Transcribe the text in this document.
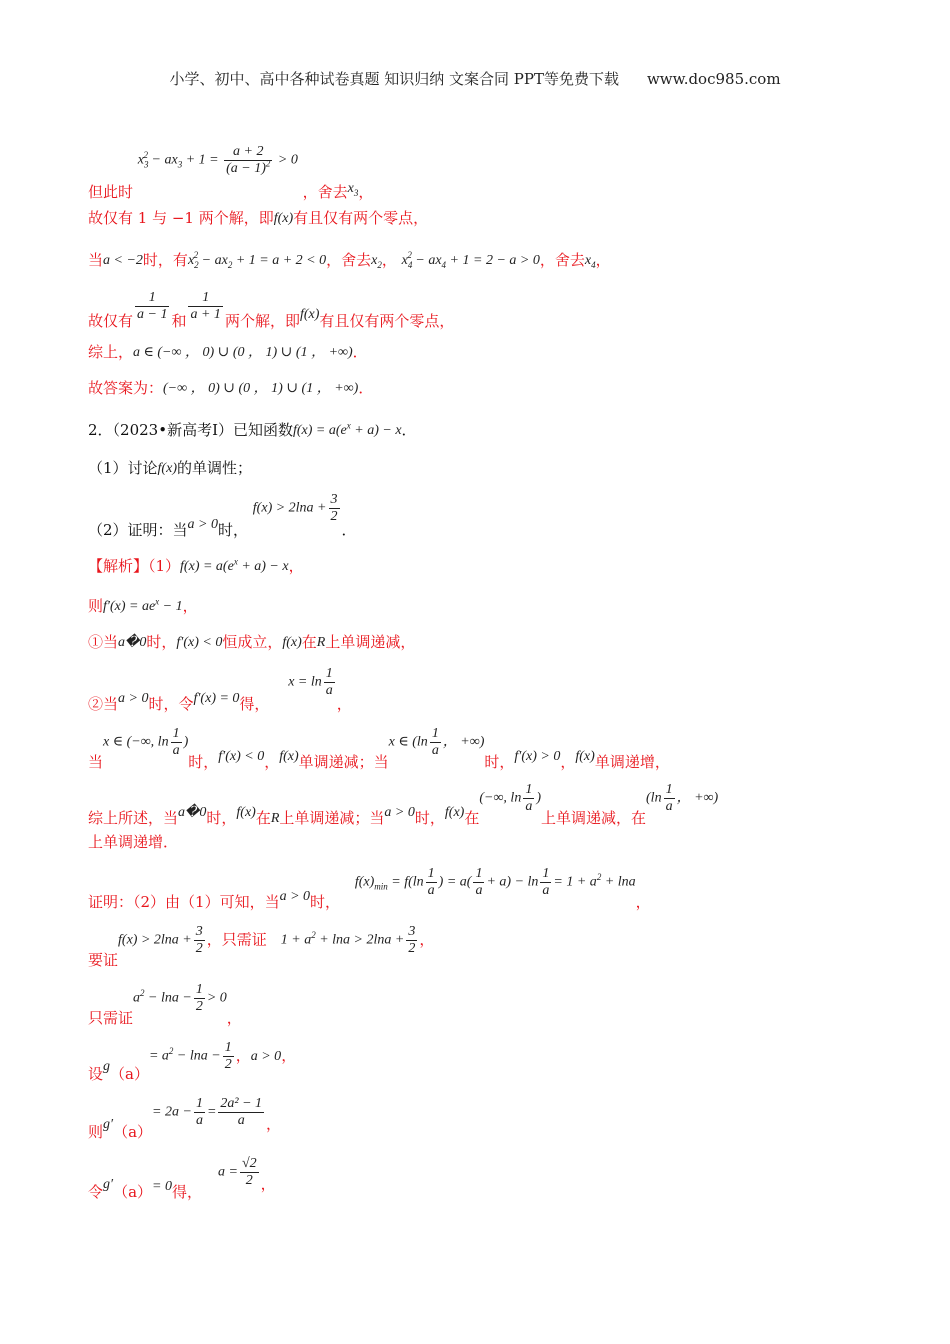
小学、初中、高中各种试卷真题 知识归纳 文案合同 PPT等免费下载 www.doc985.com
但此时 $x_3^2 - ax_3 + 1 = \frac{a + 2}{(a - 1)^2} > 0$ ，舍去$x_3$，
故仅有 1 与 −1 两个解，即f(x)有且仅有两个零点，
当a < −2时，有$x_2^2 - ax_2 + 1 = a + 2 < 0$，舍去$x_2$， $x_4^2 - ax_4 + 1 = 2 - a > 0$，舍去$x_4$，
故仅有 $\frac{1}{a - 1}$ 和 $\frac{1}{a + 1}$ 两个解，即f(x)有且仅有两个零点，
综上，a ∈ (−∞ ， 0) ∪ (0 ， 1) ∪ (1 ， +∞)．
故答案为：(−∞ ， 0) ∪ (0 ， 1) ∪ (1 ， +∞)．
2．（2023•新高考Ⅰ）已知函数$f(x) = a(e^x + a) - x$．
（1）讨论f(x)的单调性；
（2）证明：当a > 0时， $f(x) > 2\ln a + \frac{3}{2}$
．
【解析】$(1)f(x) = a(e^x + a) - x$，
则$f'(x) = ae^x - 1$，
①当a�0时，f′(x) < 0恒成立，f(x)在R上单调递减，
②当a > 0时，令f′(x) = 0得， $x = \ln \frac{1}{a}$
，
当x ∈ (−∞, $\ln \frac{1}{a}$ )时，f′(x) < 0，f(x)单调递减；当x ∈ ($\ln \frac{1}{a}$ ， +∞)时，f′(x) > 0，f(x)单调递增，
综上所述，当a�0时，f(x)在R上单调递减；当a > 0时，f(x)在(−∞, $\ln \frac{1}{a}$ )上单调递减，在($\ln \frac{1}{a}$ ， +∞)
上单调递增．
证明：（2）由（1）可知，当a > 0时， $f(x)_{min} = f(\ln \frac{1}{a}$ ) = $a( \frac{1}{a} + a) - \ln \frac{1}{a} = 1 + a^2 + \ln a$，
要证$f(x) > 2\ln a + \frac{3}{2}$ ，只需证 $1 + a^2 + \ln a > 2\ln a + \frac{3}{2}$ ，
只需证$a^2 - \ln a - \frac{1}{2} > 0$，
设$g(a)= a^2 - \ln a - \frac{1}{2}$ ，a > 0，
则$g'(a)= 2a - \frac{1}{a} = \frac{\text{2a² − 1}}{a}$ ，
令g′（a）= 0得，$a = \frac{√2}{2}$ ，
